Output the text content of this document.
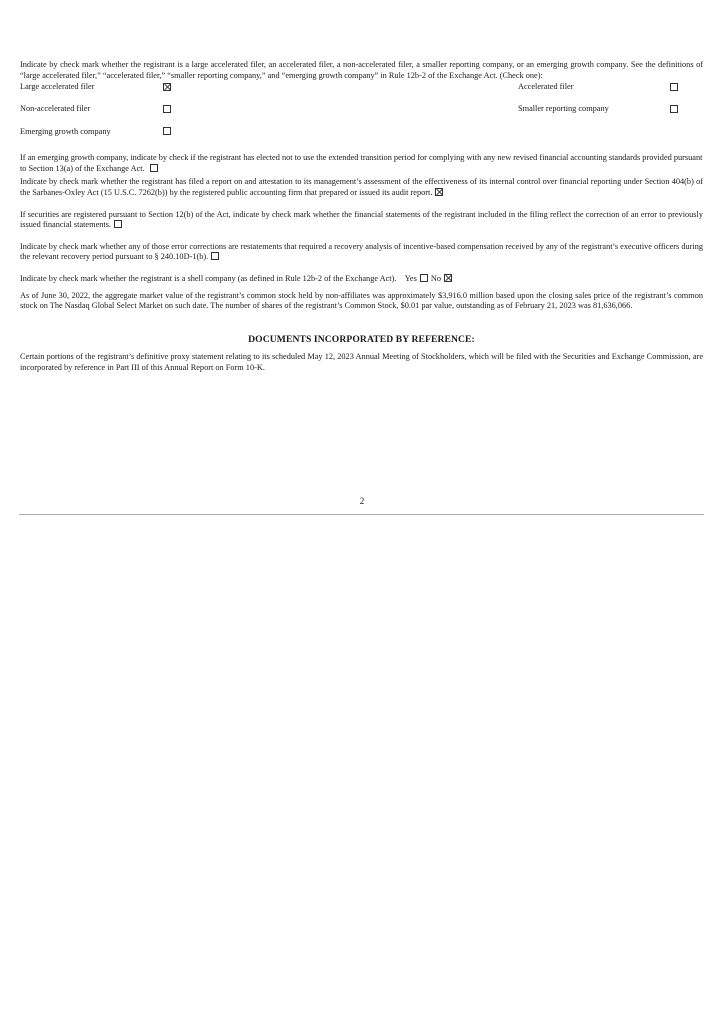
Indicate by check mark whether the registrant is a large accelerated filer, an accelerated filer, a non-accelerated filer, a smaller reporting company, or an emerging growth company. See the definitions of “large accelerated filer,” “accelerated filer,” “smaller reporting company,” and “emerging growth company” in Rule 12b-2 of the Exchange Act. (Check one):

Large accelerated filer	Accelerated filer
Non-accelerated filer	Smaller reporting company
Emerging growth company

If an emerging growth company, indicate by check if the registrant has elected not to use the extended transition period for complying with any new revised financial accounting standards provided pursuant to Section 13(a) of the Exchange Act.

Indicate by check mark whether the registrant has filed a report on and attestation to its management’s assessment of the effectiveness of its internal control over financial reporting under Section 404(b) of the Sarbanes-Oxley Act (15 U.S.C. 7262(b)) by the registered public accounting firm that prepared or issued its audit report.

If securities are registered pursuant to Section 12(b) of the Act, indicate by check mark whether the financial statements of the registrant included in the filing reflect the correction of an error to previously issued financial statements.

Indicate by check mark whether any of those error corrections are restatements that required a recovery analysis of incentive-based compensation received by any of the registrant’s executive officers during the relevant recovery period pursuant to § 240.10D-1(b).

Indicate by check mark whether the registrant is a shell company (as defined in Rule 12b-2 of the Exchange Act). Yes No

As of June 30, 2022, the aggregate market value of the registrant’s common stock held by non-affiliates was approximately $3,916.0 million based upon the closing sales price of the registrant’s common stock on The Nasdaq Global Select Market on such date. The number of shares of the registrant’s Common Stock, $0.01 par value, outstanding as of February 21, 2023 was 81,636,066.

DOCUMENTS INCORPORATED BY REFERENCE:

Certain portions of the registrant’s definitive proxy statement relating to its scheduled May 12, 2023 Annual Meeting of Stockholders, which will be filed with the Securities and Exchange Commission, are incorporated by reference in Part III of this Annual Report on Form 10-K.

2
